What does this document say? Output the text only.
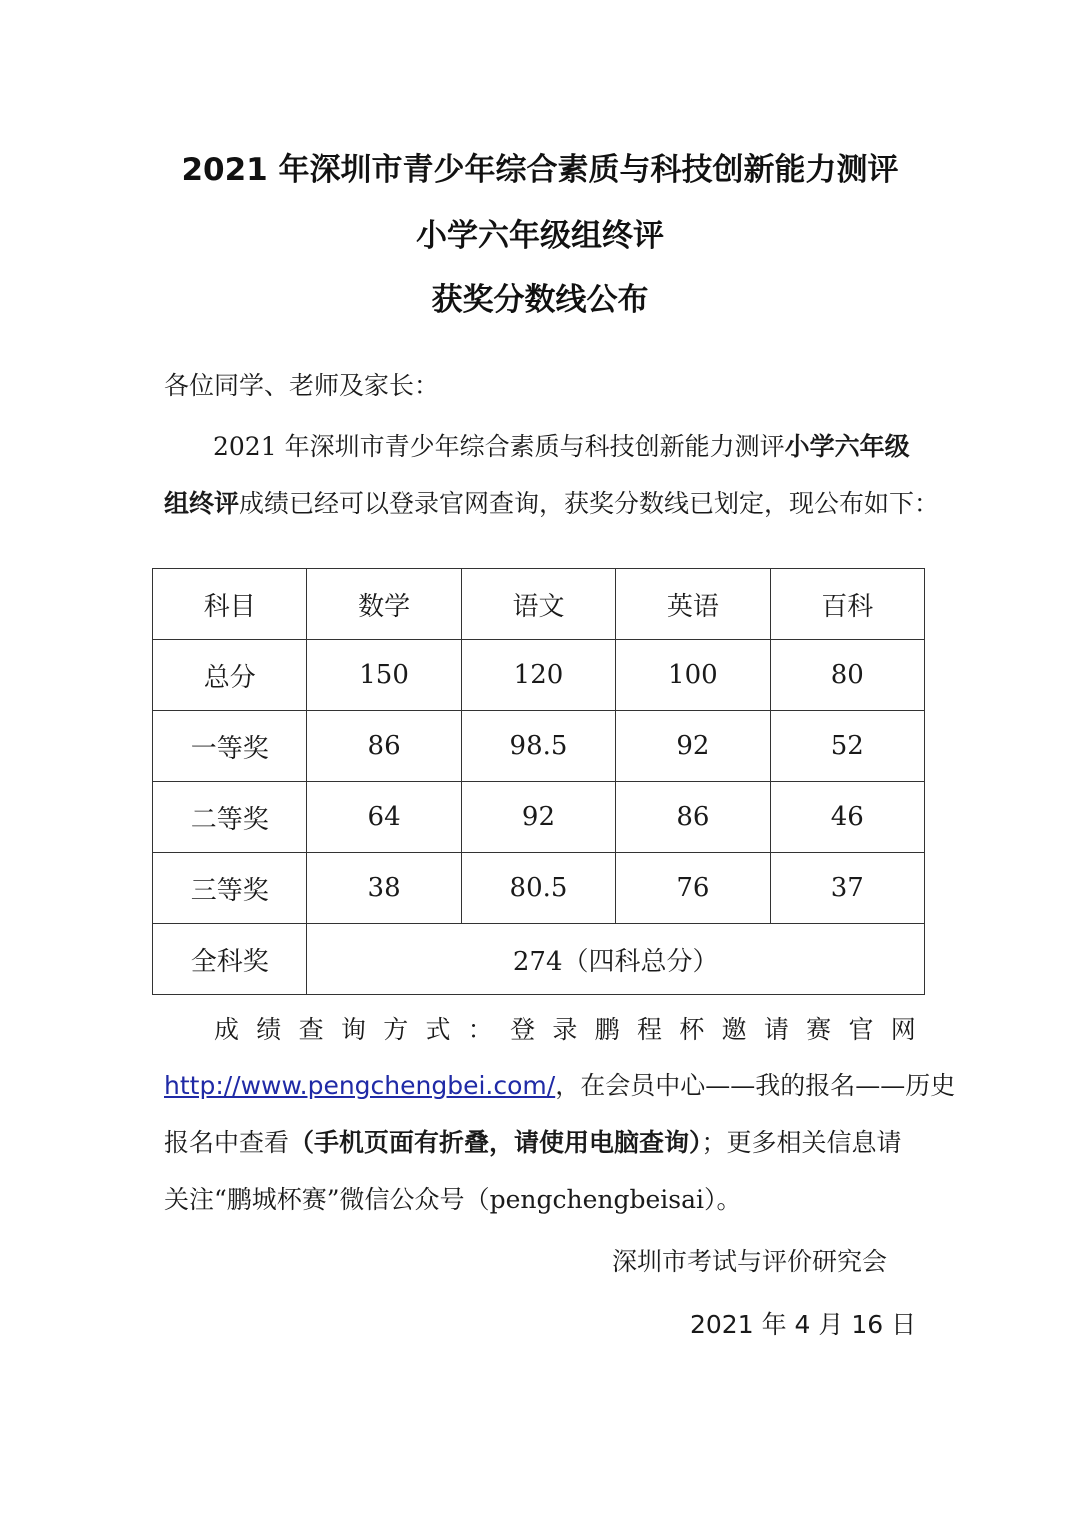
2021 年深圳市青少年综合素质与科技创新能力测评
小学六年级组终评
获奖分数线公布
各位同学、老师及家长：
2021 年深圳市青少年综合素质与科技创新能力测评小学六年级
组终评成绩已经可以登录官网查询，获奖分数线已划定，现公布如下：
科目	数学	语文	英语	百科
总分	150	120	100	80
一等奖	86	98.5	92	52
二等奖	64	92	86	46
三等奖	38	80.5	76	37
全科奖	274（四科总分）			
成 绩 查 询 方 式 ： 登 录 鹏 程 杯 邀 请 赛 官 网
http://www.pengchengbei.com/，在会员中心——我的报名——历史
报名中查看（手机页面有折叠，请使用电脑查询）；更多相关信息请
关注“鹏城杯赛”微信公众号（pengchengbeisai）。
深圳市考试与评价研究会
2021 年 4 月 16 日
